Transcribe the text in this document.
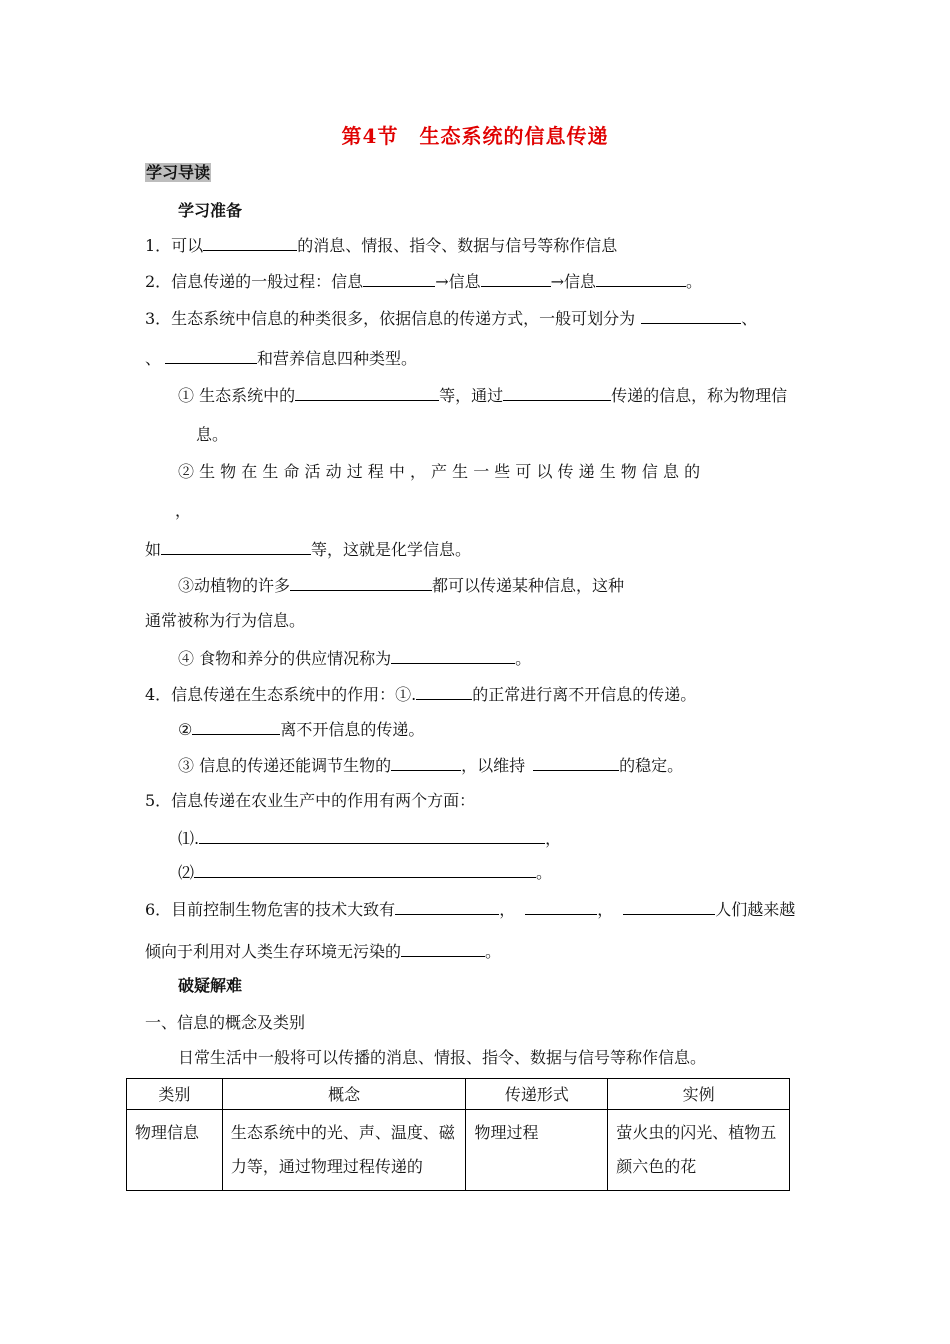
第4节　生态系统的信息传递
学习导读
学习准备
1．可以	的消息、情报、指令、数据与信号等称作信息
2．信息传递的一般过程：信息	→信息	→信息	。
3．生态系统中信息的种类很多，依据信息的传递方式，一般可划分为	、
、	和营养信息四种类型。
① 生态系统中的	等，通过	传递的信息，称为物理信
息。
② 生 物 在 生 命 活 动 过 程 中 ， 产 生 一 些 可 以 传 递 生 物 信 息 的
，
如	等，这就是化学信息。
③动植物的许多	都可以传递某种信息，这种
通常被称为行为信息。
④ 食物和养分的供应情况称为	。
4．信息传递在生态系统中的作用：①.	的正常进行离不开信息的传递。
②	离不开信息的传递。
③ 信息的传递还能调节生物的	，以维持	的稳定。
5．信息传递在农业生产中的作用有两个方面：
⑴.	，
⑵	。
6．目前控制生物危害的技术大致有	，	，	人们越来越
倾向于利用对人类生存环境无污染的	。
破疑解难
一、信息的概念及类别
日常生活中一般将可以传播的消息、情报、指令、数据与信号等称作信息。
类别	概念	传递形式	实例
物理信息	生态系统中的光、声、温度、磁力等，通过物理过程传递的	物理过程	萤火虫的闪光、植物五颜六色的花
